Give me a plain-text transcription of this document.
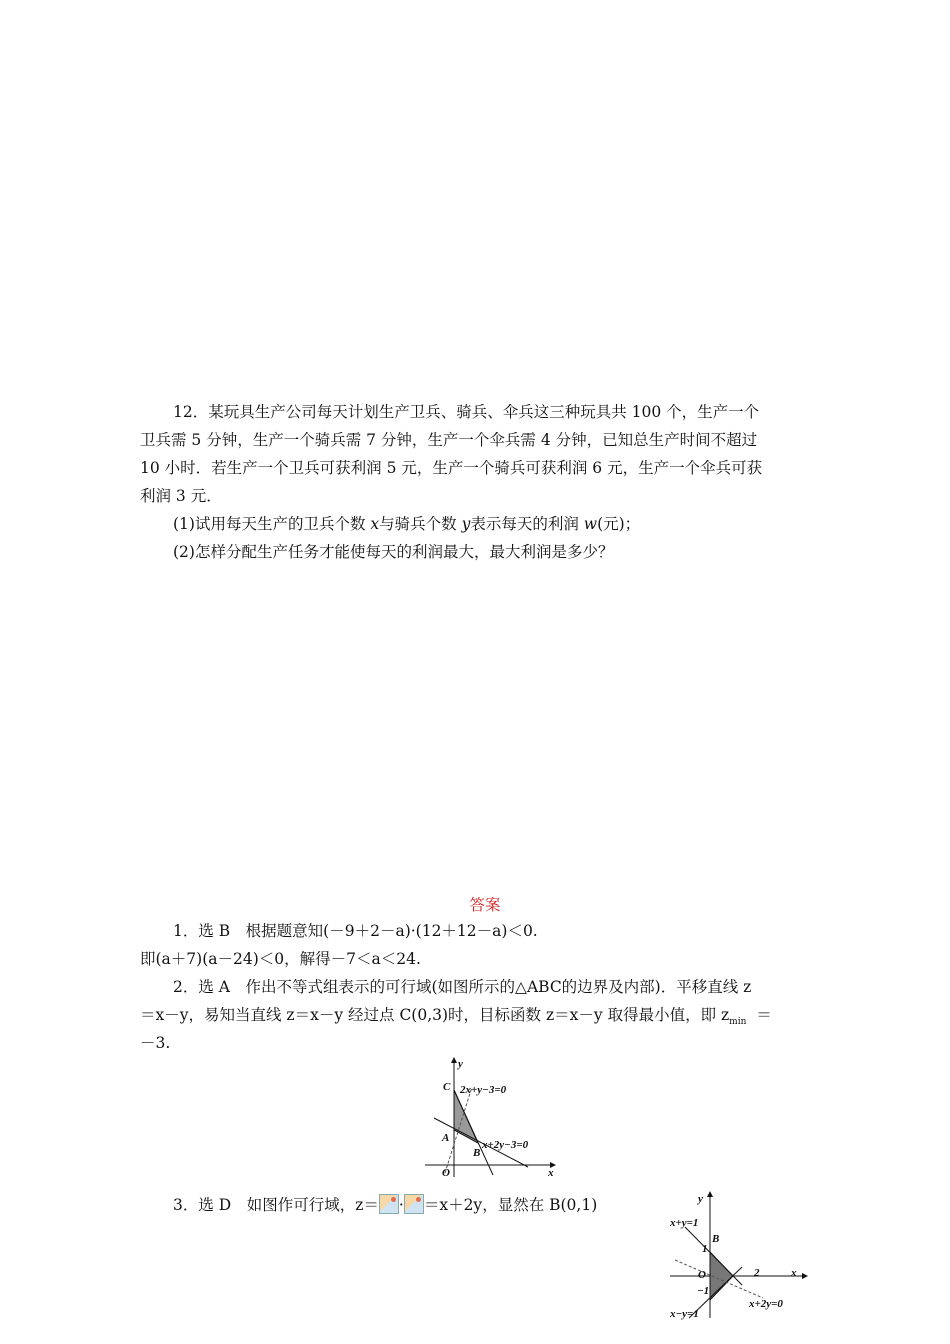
12．某玩具生产公司每天计划生产卫兵、骑兵、伞兵这三种玩具共 100 个，生产一个
卫兵需 5 分钟，生产一个骑兵需 7 分钟，生产一个伞兵需 4 分钟，已知总生产时间不超过
10 小时．若生产一个卫兵可获利润 5 元，生产一个骑兵可获利润 6 元，生产一个伞兵可获
利润 3 元．
(1)试用每天生产的卫兵个数 x与骑兵个数 y表示每天的利润 w(元)；
(2)怎样分配生产任务才能使每天的利润最大，最大利润是多少？
答案
1．选 B　根据题意知(－9＋2－a)·(12＋12－a)＜0.
即(a＋7)(a－24)＜0，解得－7＜a＜24.
2．选 A　作出不等式组表示的可行域(如图所示的△ABC的边界及内部)．平移直线 z
＝x－y，易知当直线 z＝x－y 经过点 C(0,3)时，目标函数 z＝x－y 取得最小值，即 $z_{min}$ ＝
－3.
y
x
C
A
B
O
2x+y−3=0
x+2y−3=0
3．选 D　如图作可行域，z＝ · ＝x＋2y，显然在 B(0,1)	y
x
B
O
1
−1
2
x+y=1
x−y=1
x+2y=0
